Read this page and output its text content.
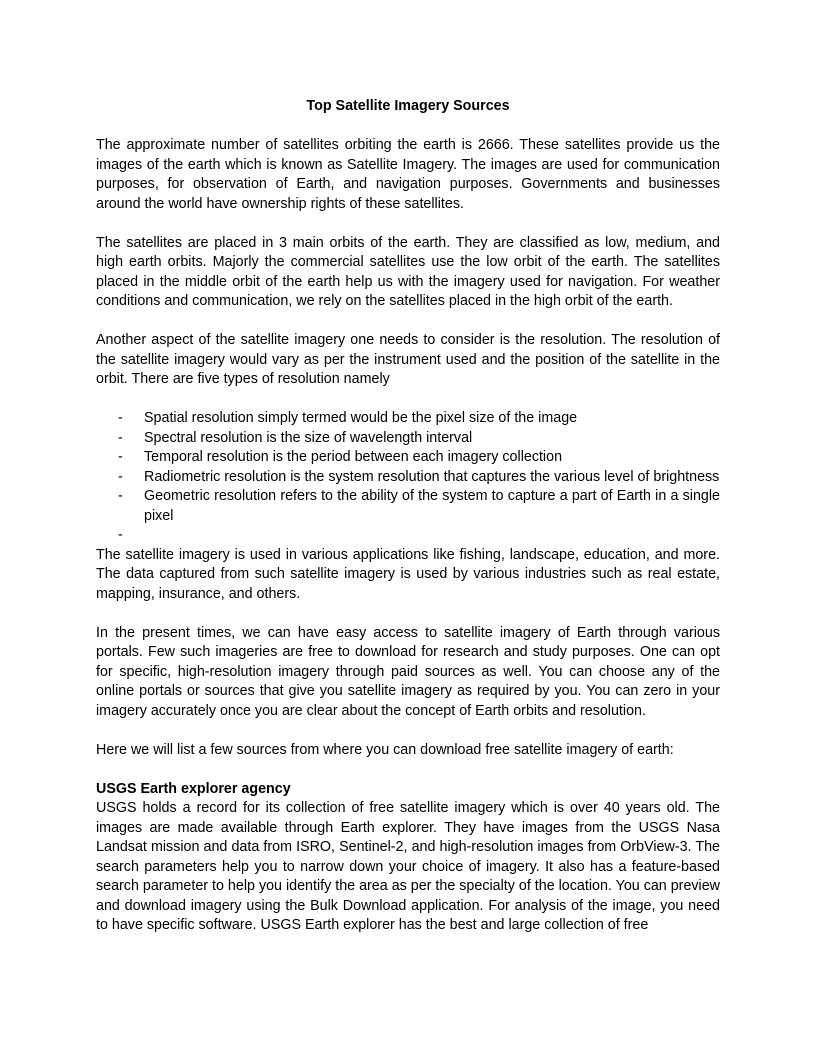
Top Satellite Imagery Sources

The approximate number of satellites orbiting the earth is 2666. These satellites provide us the images of the earth which is known as Satellite Imagery. The images are used for communication purposes, for observation of Earth, and navigation purposes. Governments and businesses around the world have ownership rights of these satellites.

The satellites are placed in 3 main orbits of the earth. They are classified as low, medium, and high earth orbits. Majorly the commercial satellites use the low orbit of the earth. The satellites placed in the middle orbit of the earth help us with the imagery used for navigation. For weather conditions and communication, we rely on the satellites placed in the high orbit of the earth.

Another aspect of the satellite imagery one needs to consider is the resolution. The resolution of the satellite imagery would vary as per the instrument used and the position of the satellite in the orbit. There are five types of resolution namely

- Spatial resolution simply termed would be the pixel size of the image
- Spectral resolution is the size of wavelength interval
- Temporal resolution is the period between each imagery collection
- Radiometric resolution is the system resolution that captures the various level of brightness
- Geometric resolution refers to the ability of the system to capture a part of Earth in a single pixel
-

The satellite imagery is used in various applications like fishing, landscape, education, and more. The data captured from such satellite imagery is used by various industries such as real estate, mapping, insurance, and others.

In the present times, we can have easy access to satellite imagery of Earth through various portals. Few such imageries are free to download for research and study purposes. One can opt for specific, high-resolution imagery through paid sources as well. You can choose any of the online portals or sources that give you satellite imagery as required by you. You can zero in your imagery accurately once you are clear about the concept of Earth orbits and resolution.

Here we will list a few sources from where you can download free satellite imagery of earth:

USGS Earth explorer agency

USGS holds a record for its collection of free satellite imagery which is over 40 years old. The images are made available through Earth explorer. They have images from the USGS Nasa Landsat mission and data from ISRO, Sentinel-2, and high-resolution images from OrbView-3. The search parameters help you to narrow down your choice of imagery. It also has a feature-based search parameter to help you identify the area as per the specialty of the location. You can preview and download imagery using the Bulk Download application. For analysis of the image, you need to have specific software. USGS Earth explorer has the best and large collection of free
